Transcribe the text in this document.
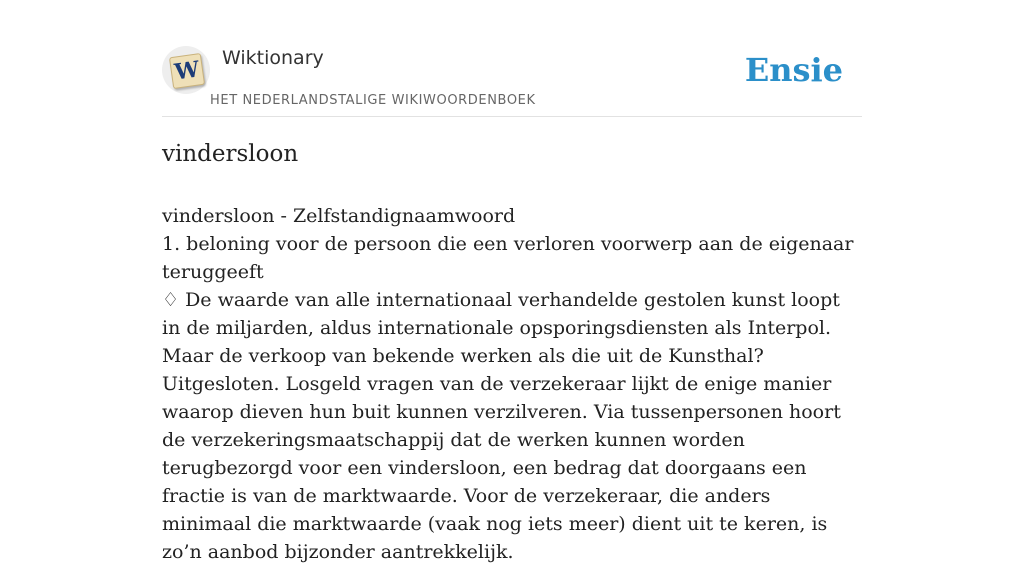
W Wiktionary
HET NEDERLANDSTALIGE WIKIWOORDENBOEK
Ensie
vindersloon

vindersloon - Zelfstandignaamwoord

1. beloning voor de persoon die een verloren voorwerp aan de eigenaar teruggeeft

♢ De waarde van alle internationaal verhandelde gestolen kunst loopt in de miljarden, aldus internationale opsporingsdiensten als Interpol. Maar de verkoop van bekende werken als die uit de Kunsthal? Uitgesloten. Losgeld vragen van de verzekeraar lijkt de enige manier waarop dieven hun buit kunnen verzilveren. Via tussenpersonen hoort de verzekeringsmaatschappij dat de werken kunnen worden terugbezorgd voor een vindersloon, een bedrag dat doorgaans een fractie is van de marktwaarde. Voor de verzekeraar, die anders minimaal die marktwaarde (vaak nog iets meer) dient uit te keren, is zo’n aanbod bijzonder aantrekkelijk.
